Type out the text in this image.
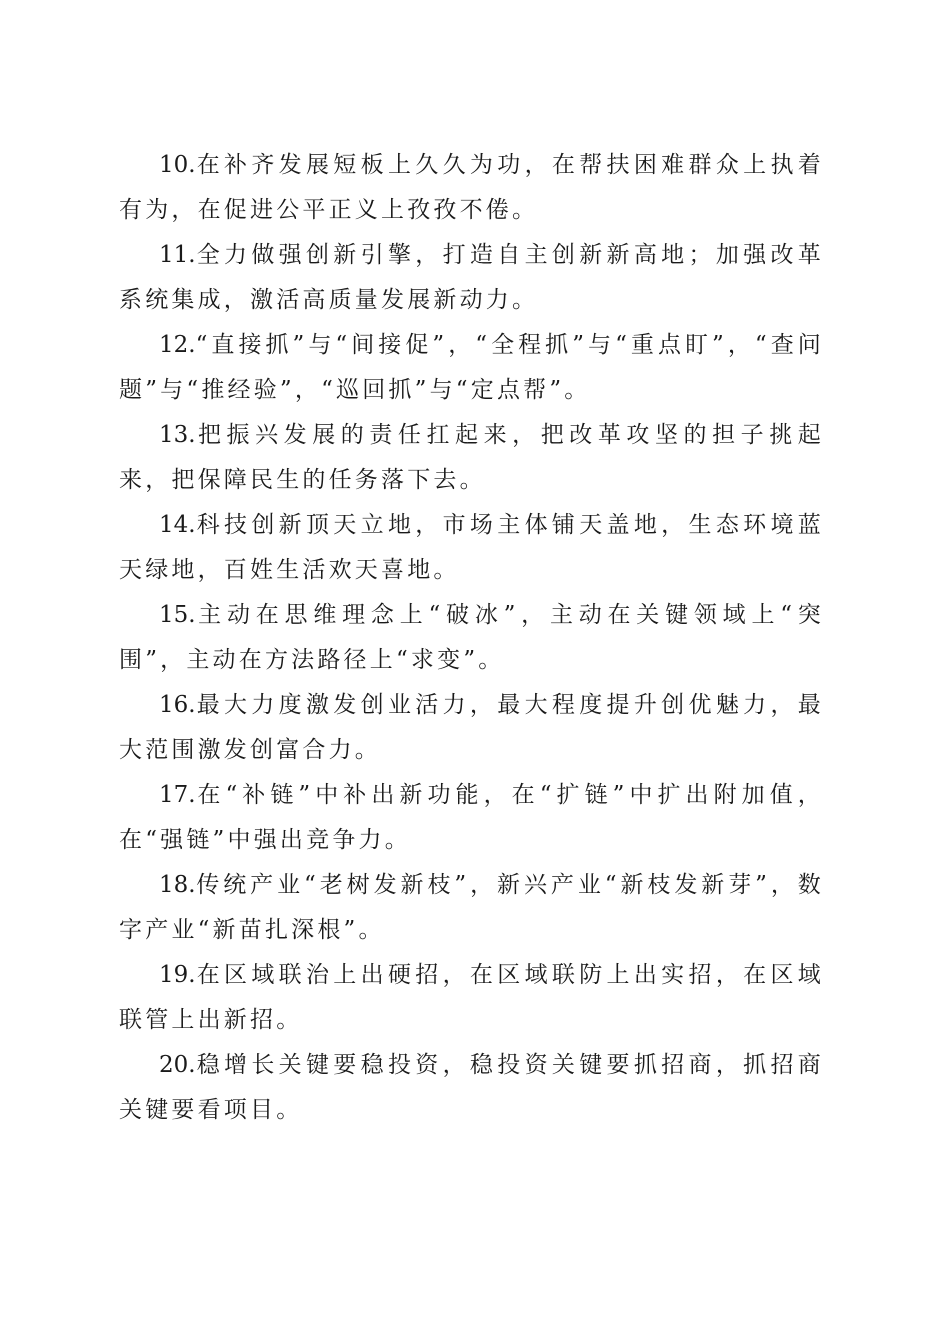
10.在补齐发展短板上久久为功，在帮扶困难群众上执着有为，在促进公平正义上孜孜不倦。

11.全力做强创新引擎，打造自主创新新高地；加强改革系统集成，激活高质量发展新动力。

12.“直接抓”与“间接促”，“全程抓”与“重点盯”，“查问题”与“推经验”，“巡回抓”与“定点帮”。

13.把振兴发展的责任扛起来，把改革攻坚的担子挑起来，把保障民生的任务落下去。

14.科技创新顶天立地，市场主体铺天盖地，生态环境蓝天绿地，百姓生活欢天喜地。

15.主动在思维理念上“破冰”，主动在关键领域上“突围”，主动在方法路径上“求变”。

16.最大力度激发创业活力，最大程度提升创优魅力，最大范围激发创富合力。

17.在“补链”中补出新功能，在“扩链”中扩出附加值，在“强链”中强出竞争力。

18.传统产业“老树发新枝”，新兴产业“新枝发新芽”，数字产业“新苗扎深根”。

19.在区域联治上出硬招，在区域联防上出实招，在区域联管上出新招。

20.稳增长关键要稳投资，稳投资关键要抓招商，抓招商关键要看项目。
